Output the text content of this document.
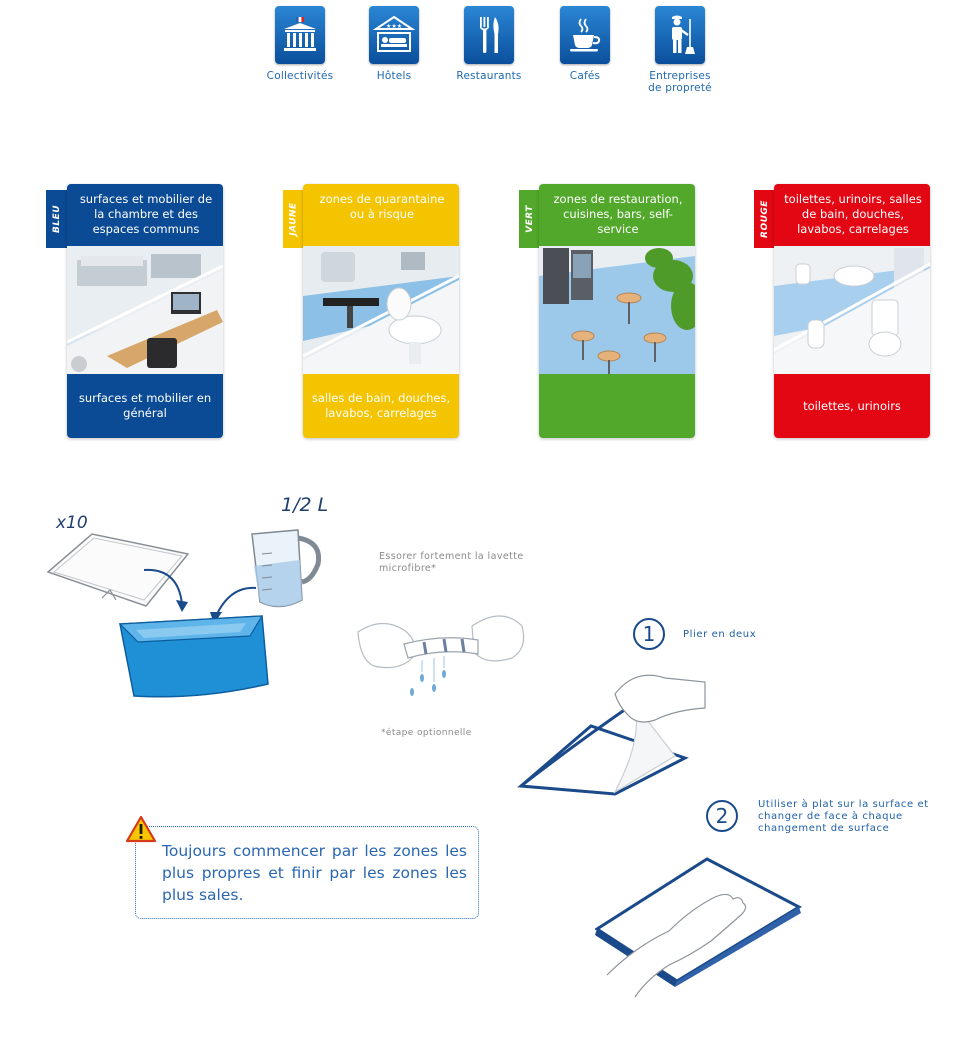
Collectivités
★★★
Hôtels	Restaurants	Cafés	Entreprises
de propreté
BLEU
surfaces et mobilier de la chambre et des espaces communs
surfaces et mobilier en général
JAUNE
zones de quarantaine ou à risque
salles de bain, douches, lavabos, carrelages
VERT
zones de restauration, cuisines, bars, self-service	ROUGE
toilettes, urinoirs, salles de bain, douches, lavabos, carrelages
toilettes, urinoirs
x10
1/2 L
Essorer fortement la lavette microfibre*
*étape optionnelle
1	Plier en deux
2	Utiliser à plat sur la surface et changer de face à chaque changement de surface
Toujours commencer par les zones les plus propres et finir par les zones les plus sales.
